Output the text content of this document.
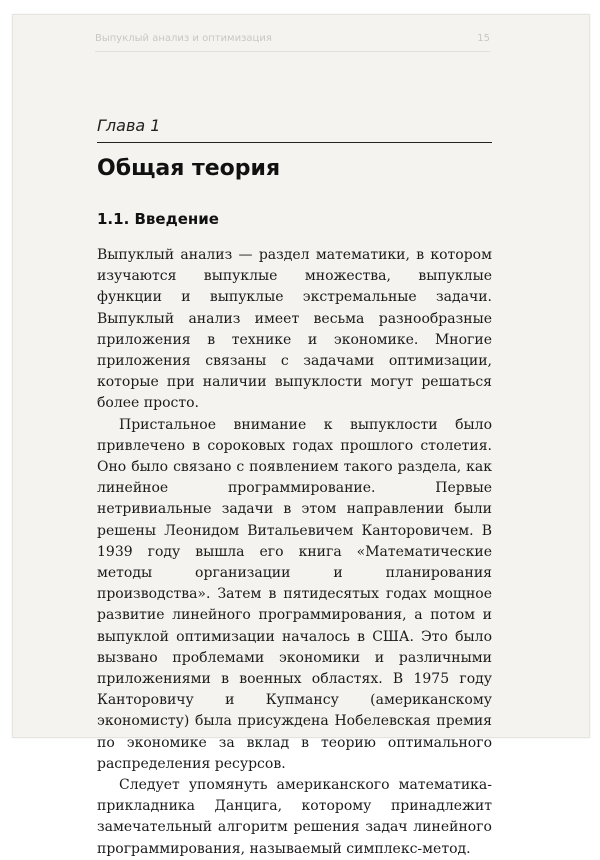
Выпуклый анализ и оптимизация	15
Глава 1
Общая теория
1.1. Введение

Выпуклый анализ — раздел математики, в котором изучаются выпуклые множества, выпуклые функции и выпуклые экстремальные задачи. Выпуклый анализ имеет весьма разнообразные приложения в технике и экономике. Многие приложения связаны с задачами оптимизации, которые при наличии выпуклости могут решаться более просто.

Пристальное внимание к выпуклости было привлечено в сороковых годах прошлого столетия. Оно было связано с появлением такого раздела, как линейное программирование. Первые нетривиальные задачи в этом направлении были решены Леонидом Витальевичем Канторовичем. В 1939 году вышла его книга «Математические методы организации и планирования производства». Затем в пятидесятых годах мощное развитие линейного программирования, а потом и выпуклой оптимизации началось в США. Это было вызвано проблемами экономики и различными приложениями в военных областях. В 1975 году Канторовичу и Купмансу (американскому экономисту) была присуждена Нобелевская премия по экономике за вклад в теорию оптимального распределения ресурсов.

Следует упомянуть американского математика-прикладника Данцига, которому принадлежит замечательный алгоритм решения задач линейного программирования, называемый симплекс-метод.
